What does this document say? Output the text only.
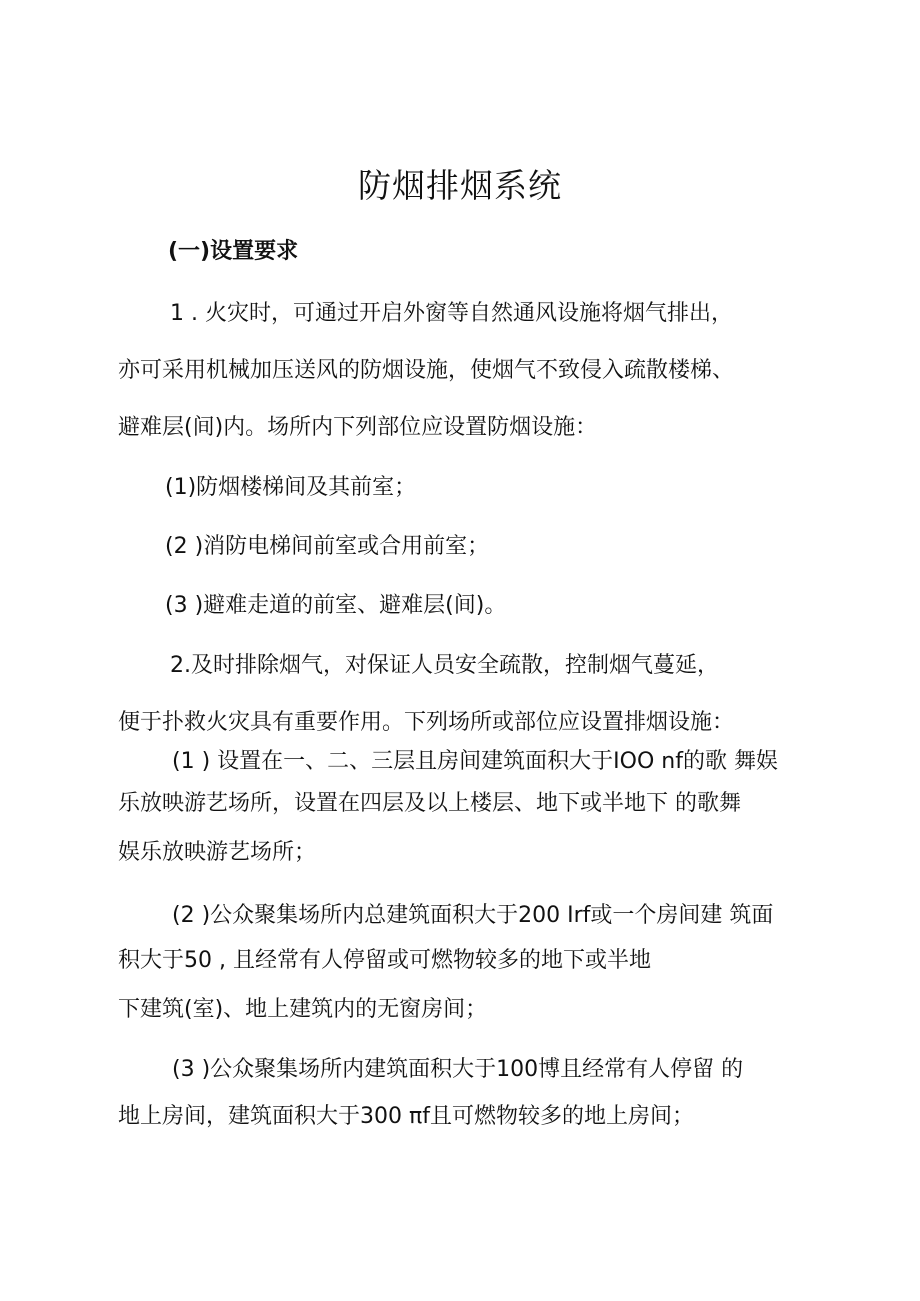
防烟排烟系统
(一)设置要求
1 . 火灾时，可通过开启外窗等自然通风设施将烟气排出，
亦可采用机械加压送风的防烟设施，使烟气不致侵入疏散楼梯、
避难层(间)内。场所内下列部位应设置防烟设施：
(1)防烟楼梯间及其前室；
(2 )消防电梯间前室或合用前室；
(3 )避难走道的前室、避难层(间)。
2.及时排除烟气，对保证人员安全疏散，控制烟气蔓延，
便于扑救火灾具有重要作用。下列场所或部位应设置排烟设施：
(1 ) 设置在一、二、三层且房间建筑面积大于IOO nf的歌 舞娱
乐放映游艺场所，设置在四层及以上楼层、地下或半地下 的歌舞
娱乐放映游艺场所；
(2 )公众聚集场所内总建筑面积大于200 Irf或一个房间建 筑面
积大于50 , 且经常有人停留或可燃物较多的地下或半地
下建筑(室)、地上建筑内的无窗房间；
(3 )公众聚集场所内建筑面积大于100博且经常有人停留 的
地上房间，建筑面积大于300 πf且可燃物较多的地上房间；
